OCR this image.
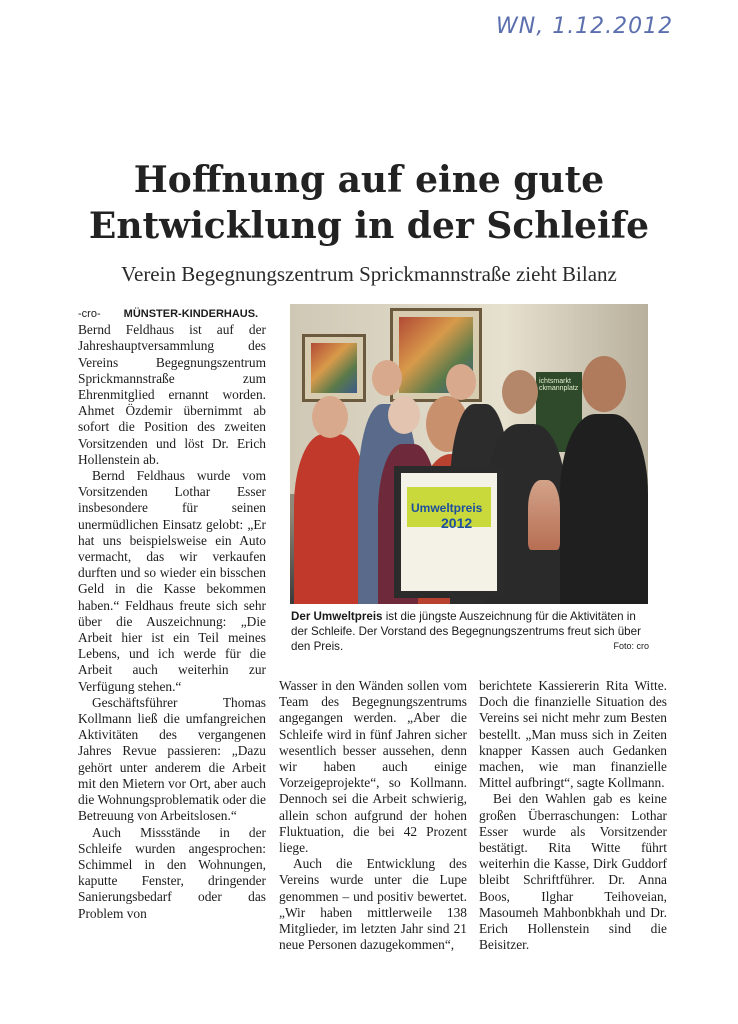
WN, 1.12.2012
Hoffnung auf eine gute
Entwicklung in der Schleife
Verein Begegnungszentrum Sprickmannstraße zieht Bilanz
-cro- MÜNSTER-KINDERHAUS.

Bernd Feldhaus ist auf der Jahreshauptversammlung des Vereins Begegnungszentrum Sprickmannstraße zum Ehrenmitglied ernannt worden. Ahmet Özdemir übernimmt ab sofort die Position des zweiten Vorsitzenden und löst Dr. Erich Hollenstein ab.

Bernd Feldhaus wurde vom Vorsitzenden Lothar Esser insbesondere für seinen unermüdlichen Einsatz gelobt: „Er hat uns beispielsweise ein Auto vermacht, das wir verkaufen durften und so wieder ein bisschen Geld in die Kasse bekommen haben.“ Feldhaus freute sich sehr über die Auszeichnung: „Die Arbeit hier ist ein Teil meines Lebens, und ich werde für die Arbeit auch weiterhin zur Verfügung stehen.“

Geschäftsführer Thomas Kollmann ließ die umfangreichen Aktivitäten des vergangenen Jahres Revue passieren: „Dazu gehört unter anderem die Arbeit mit den Mietern vor Ort, aber auch die Wohnungsproblematik oder die Betreuung von Arbeitslosen.“

Auch Missstände in der Schleife wurden angesprochen: Schimmel in den Wohnungen, kaputte Fenster, dringender Sanierungsbedarf oder das Problem von

ichtsmarkt ckmannplatz
Umweltpreis
2012
Der Umweltpreis ist die jüngste Auszeichnung für die Aktivitäten in der Schleife. Der Vorstand des Begegnungszentrums freut sich über den Preis.	Foto: cro

Wasser in den Wänden sollen vom Team des Begegnungszentrums angegangen werden. „Aber die Schleife wird in fünf Jahren sicher wesentlich besser aussehen, denn wir haben auch einige Vorzeigeprojekte“, so Kollmann. Dennoch sei die Arbeit schwierig, allein schon aufgrund der hohen Fluktuation, die bei 42 Prozent liege.

Auch die Entwicklung des Vereins wurde unter die Lupe genommen – und positiv bewertet. „Wir haben mittlerweile 138 Mitglieder, im letzten Jahr sind 21 neue Personen dazugekommen“,

berichtete Kassiererin Rita Witte. Doch die finanzielle Situation des Vereins sei nicht mehr zum Besten bestellt. „Man muss sich in Zeiten knapper Kassen auch Gedanken machen, wie man finanzielle Mittel aufbringt“, sagte Kollmann.

Bei den Wahlen gab es keine großen Überraschungen: Lothar Esser wurde als Vorsitzender bestätigt. Rita Witte führt weiterhin die Kasse, Dirk Guddorf bleibt Schriftführer. Dr. Anna Boos, Ilghar Teihoveian, Masoumeh Mahbonbkhah und Dr. Erich Hollenstein sind die Beisitzer.
